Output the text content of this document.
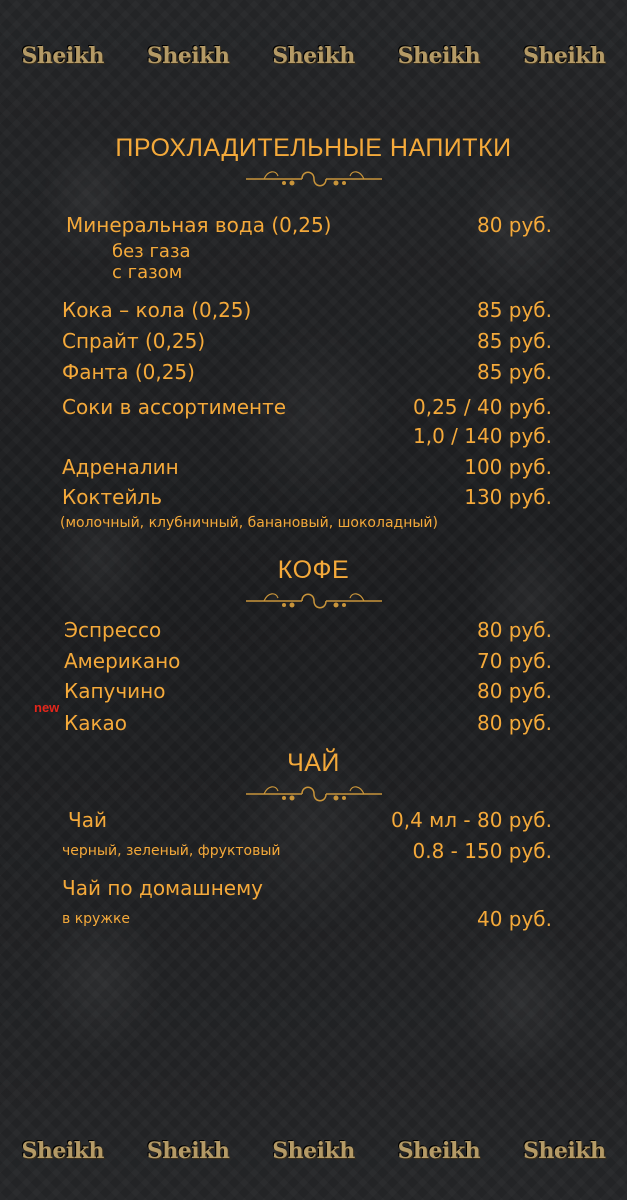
Sheikh Sheikh Sheikh Sheikh Sheikh
ПРОХЛАДИТЕЛЬНЫЕ НАПИТКИ
Минеральная вода (0,25)	80 руб.
без газа
с газом
Кока – кола (0,25)	85 руб.
Спрайт (0,25)	85 руб.
Фанта (0,25)	85 руб.
Соки в ассортименте	0,25 / 40 руб.
1,0 / 140 руб.
Адреналин	100 руб.
Коктейль	130 руб.
(молочный, клубничный, банановый, шоколадный)
КОФЕ
Эспрессо	80 руб.
Американо	70 руб.
Капучино	80 руб.
new
Какао	80 руб.
ЧАЙ
Чай	0,4 мл - 80 руб.
черный, зеленый, фруктовый	0.8 - 150 руб.
Чай по домашнему
в кружке	40 руб.
Sheikh Sheikh Sheikh Sheikh Sheikh
